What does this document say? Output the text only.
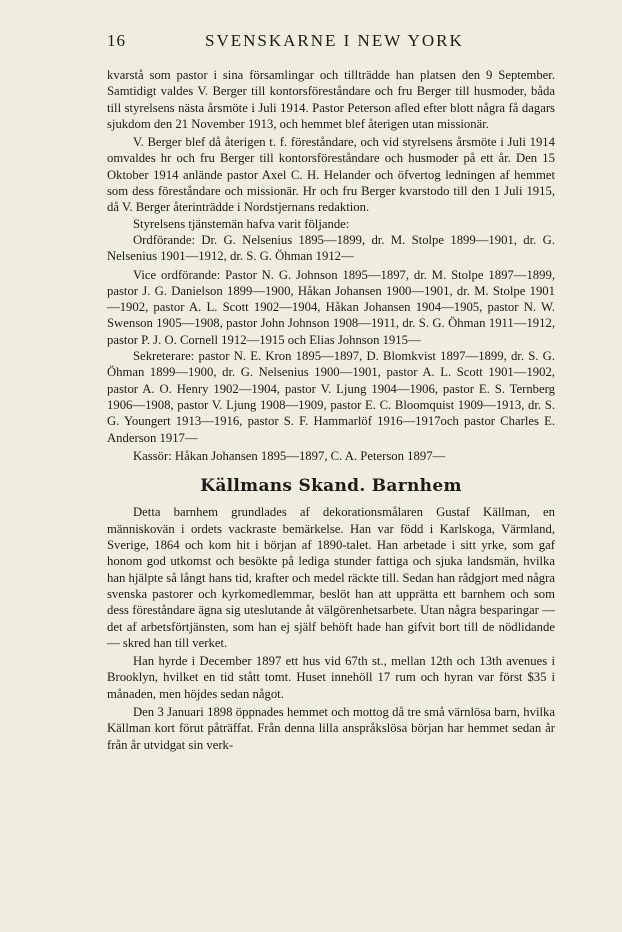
16	SVENSKARNE I NEW YORK

kvarstå som pastor i sina församlingar och tillträdde han platsen den 9 September. Samtidigt valdes V. Berger till kontorsföreståndare och fru Berger till husmoder, båda till styrelsens nästa årsmöte i Juli 1914. Pastor Peterson afled efter blott några få dagars sjukdom den 21 November 1913, och hemmet blef återigen utan missionär.

V. Berger blef då återigen t. f. föreståndare, och vid styrelsens årsmöte i Juli 1914 omvaldes hr och fru Berger till kontorsföreståndare och husmoder på ett år. Den 15 Oktober 1914 anlände pastor Axel C. H. Helander och öfvertog ledningen af hemmet som dess föreståndare och missionär. Hr och fru Berger kvarstodo till den 1 Juli 1915, då V. Berger återinträdde i Nordstjernans redaktion.

Styrelsens tjänstemän hafva varit följande:

Ordförande: Dr. G. Nelsenius 1895—1899, dr. M. Stolpe 1899—1901, dr. G. Nelsenius 1901—1912, dr. S. G. Öhman 1912—

Vice ordförande: Pastor N. G. Johnson 1895—1897, dr. M. Stolpe 1897—1899, pastor J. G. Danielson 1899—1900, Håkan Johansen 1900—1901, dr. M. Stolpe 1901—1902, pastor A. L. Scott 1902—1904, Håkan Johansen 1904—1905, pastor N. W. Swenson 1905—1908, pastor John Johnson 1908—1911, dr. S. G. Öhman 1911—1912, pastor P. J. O. Cornell 1912—1915 och Elias Johnson 1915—

Sekreterare: pastor N. E. Kron 1895—1897, D. Blomkvist 1897—1899, dr. S. G. Öhman 1899—1900, dr. G. Nelsenius 1900—1901, pastor A. L. Scott 1901—1902, pastor A. O. Henry 1902—1904, pastor V. Ljung 1904—1906, pastor E. S. Ternberg 1906—1908, pastor V. Ljung 1908—1909, pastor E. C. Bloomquist 1909—1913, dr. S. G. Youngert 1913—1916, pastor S. F. Hammarlöf 1916—1917och pastor Charles E. Anderson 1917—

Kassör: Håkan Johansen 1895—1897, C. A. Peterson 1897—

Källmans Skand. Barnhem

Detta barnhem grundlades af dekorationsmålaren Gustaf Källman, en människovän i ordets vackraste bemärkelse. Han var född i Karlskoga, Värmland, Sverige, 1864 och kom hit i början af 1890-talet. Han arbetade i sitt yrke, som gaf honom god utkomst och besökte på lediga stunder fattiga och sjuka landsmän, hvilka han hjälpte så långt hans tid, krafter och medel räckte till. Sedan han rådgjort med några svenska pastorer och kyrkomedlemmar, beslöt han att upprätta ett barnhem och som dess föreståndare ägna sig uteslutande åt välgörenhetsarbete. Utan några besparingar — det af arbetsförtjänsten, som han ej själf behöft hade han gifvit bort till de nödlidande — skred han till verket.

Han hyrde i December 1897 ett hus vid 67th st., mellan 12th och 13th avenues i Brooklyn, hvilket en tid stått tomt. Huset innehöll 17 rum och hyran var först $35 i månaden, men höjdes sedan något.

Den 3 Januari 1898 öppnades hemmet och mottog då tre små värnlösa barn, hvilka Källman kort förut påträffat. Från denna lilla anspråkslösa början har hemmet sedan år från år utvidgat sin verk-
